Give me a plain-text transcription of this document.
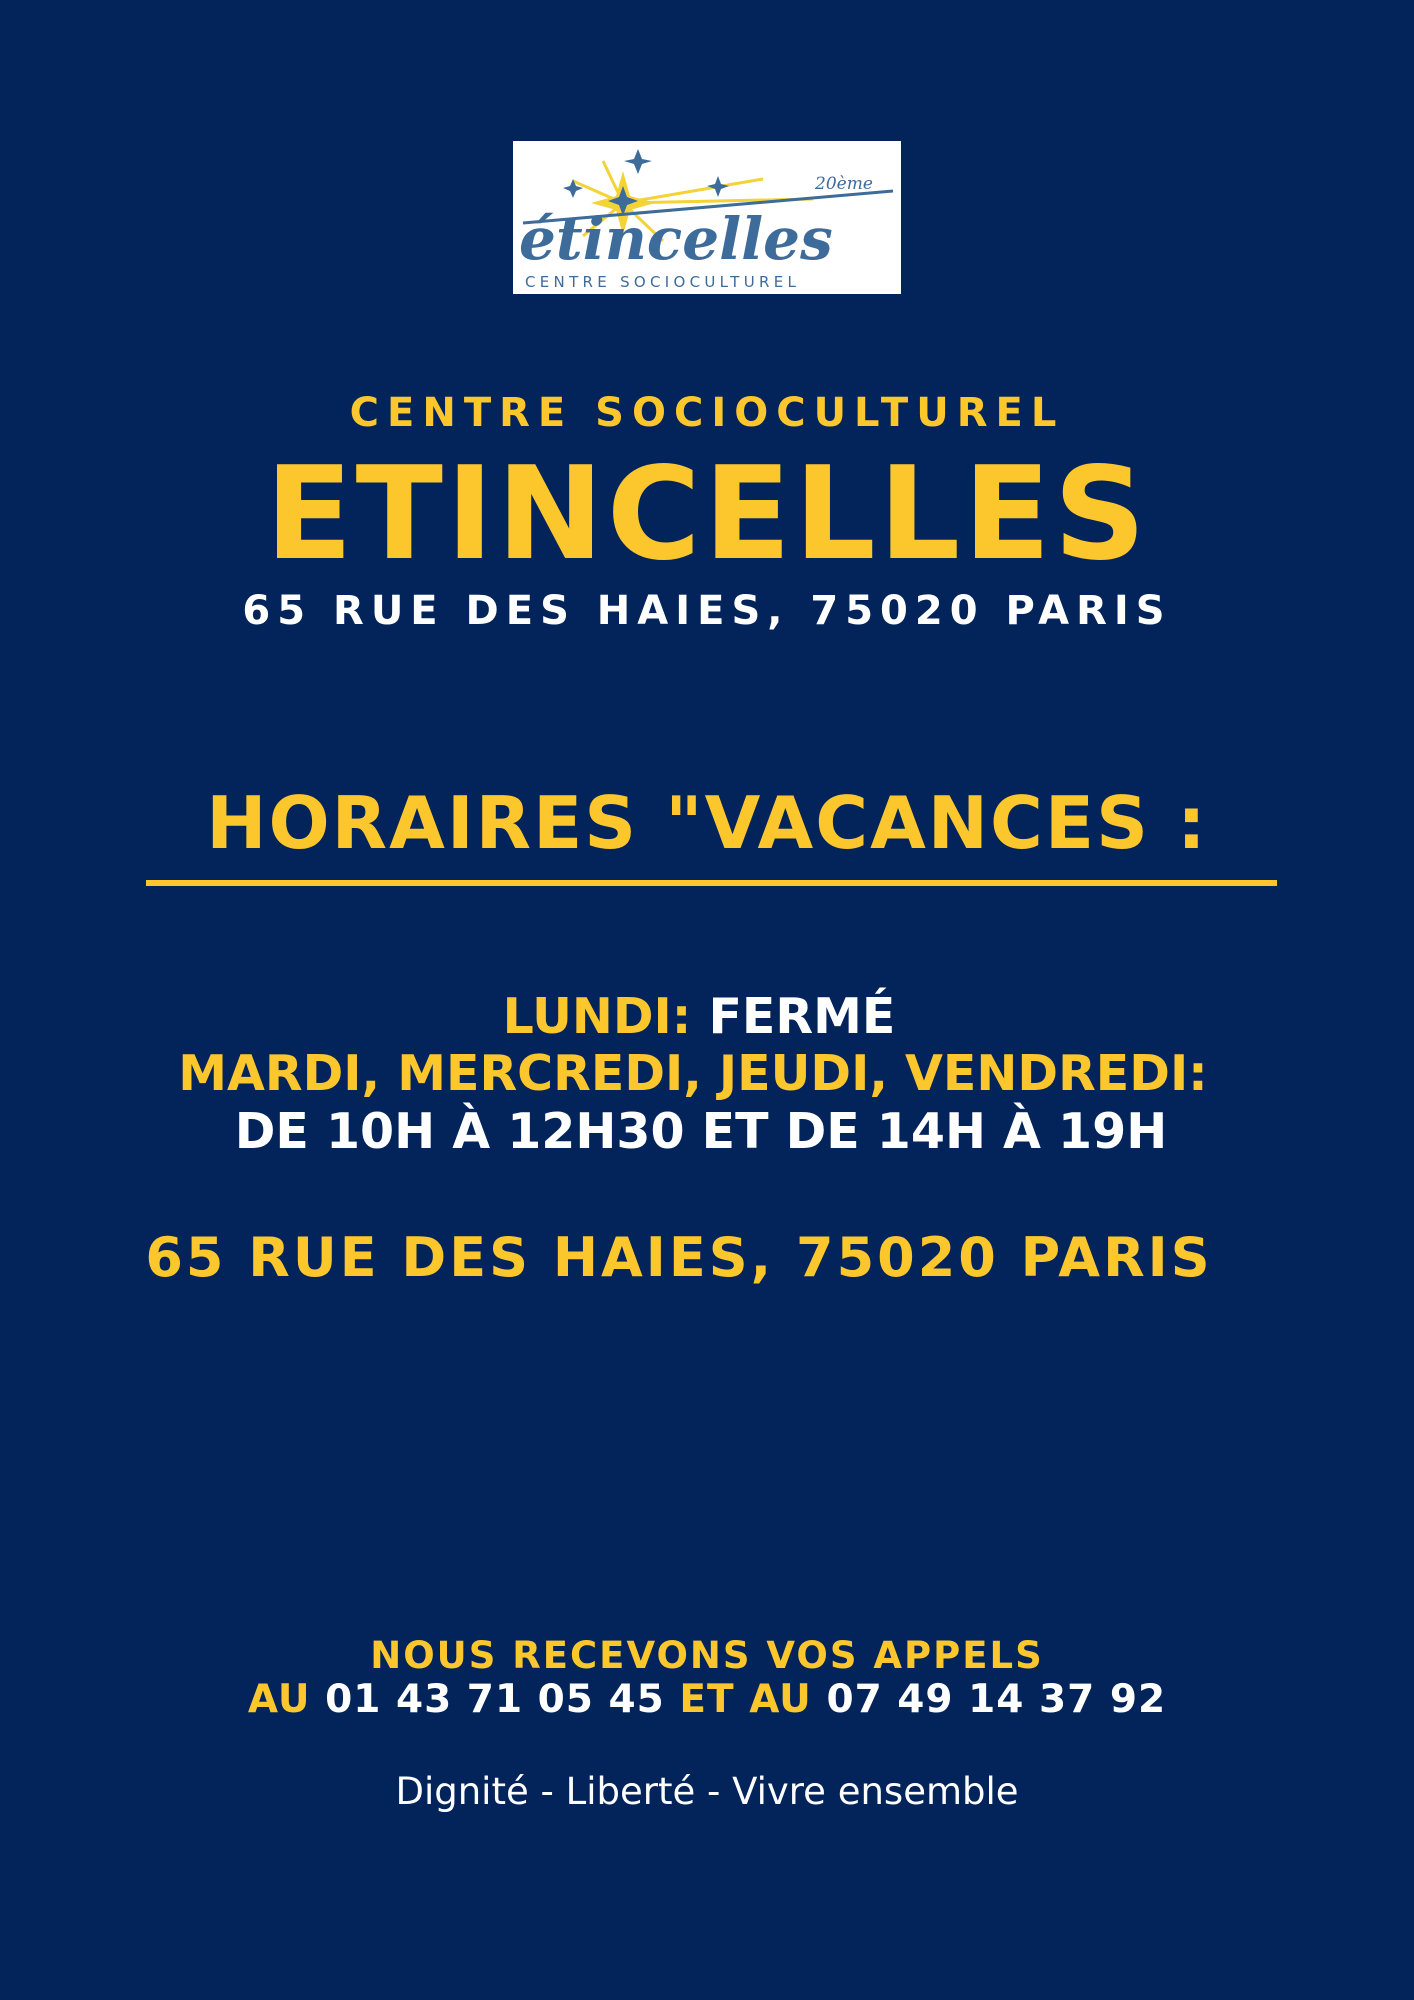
20ème
étincelles
CENTRE SOCIOCULTUREL
CENTRE SOCIOCULTUREL
ETINCELLES
65 RUE DES HAIES, 75020 PARIS
HORAIRES "VACANCES :
LUNDI: FERMÉ
MARDI, MERCREDI, JEUDI, VENDREDI:
DE 10H À 12H30 ET DE 14H À 19H
65 RUE DES HAIES, 75020 PARIS
NOUS RECEVONS VOS APPELS
AU 01 43 71 05 45 ET AU 07 49 14 37 92
Dignité - Liberté - Vivre ensemble
